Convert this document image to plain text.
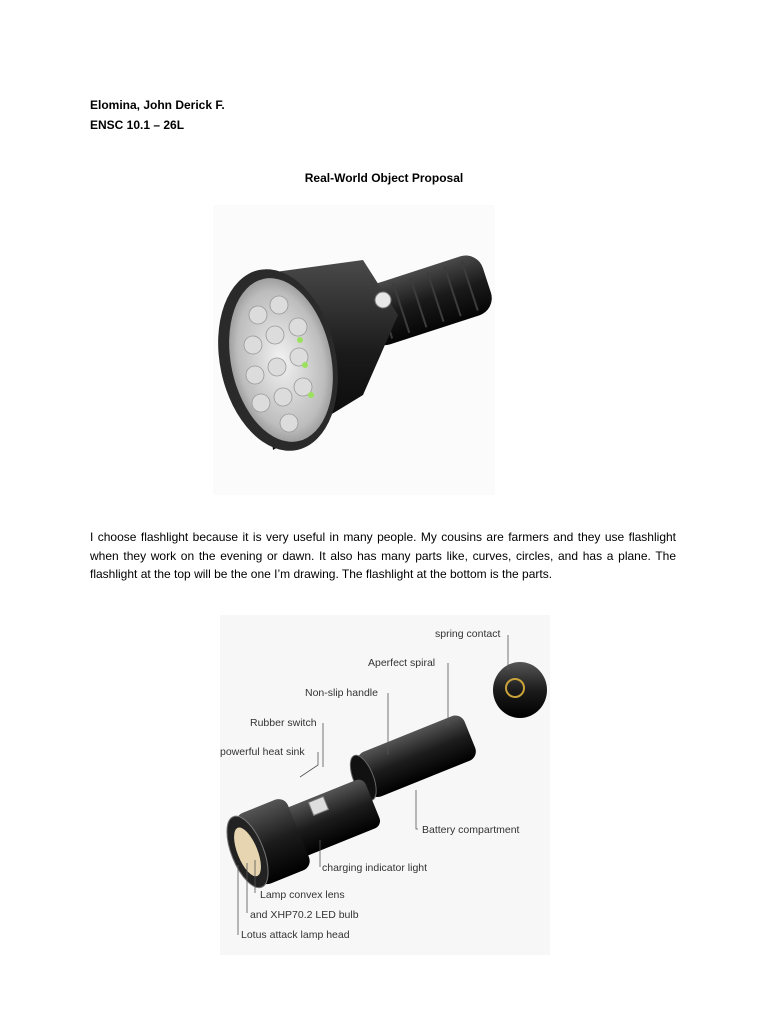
Elomina, John Derick F.
ENSC 10.1 – 26L
Real-World Object Proposal
I choose flashlight because it is very useful in many people. My cousins are farmers and they use flashlight when they work on the evening or dawn. It also has many parts like, curves, circles, and has a plane. The flashlight at the top will be the one I’m drawing. The flashlight at the bottom is the parts.
spring contact
Aperfect spiral
Non-slip handle
Rubber switch
powerful heat sink
Battery compartment
charging indicator light
Lamp convex lens
and XHP70.2 LED bulb
Lotus attack lamp head
